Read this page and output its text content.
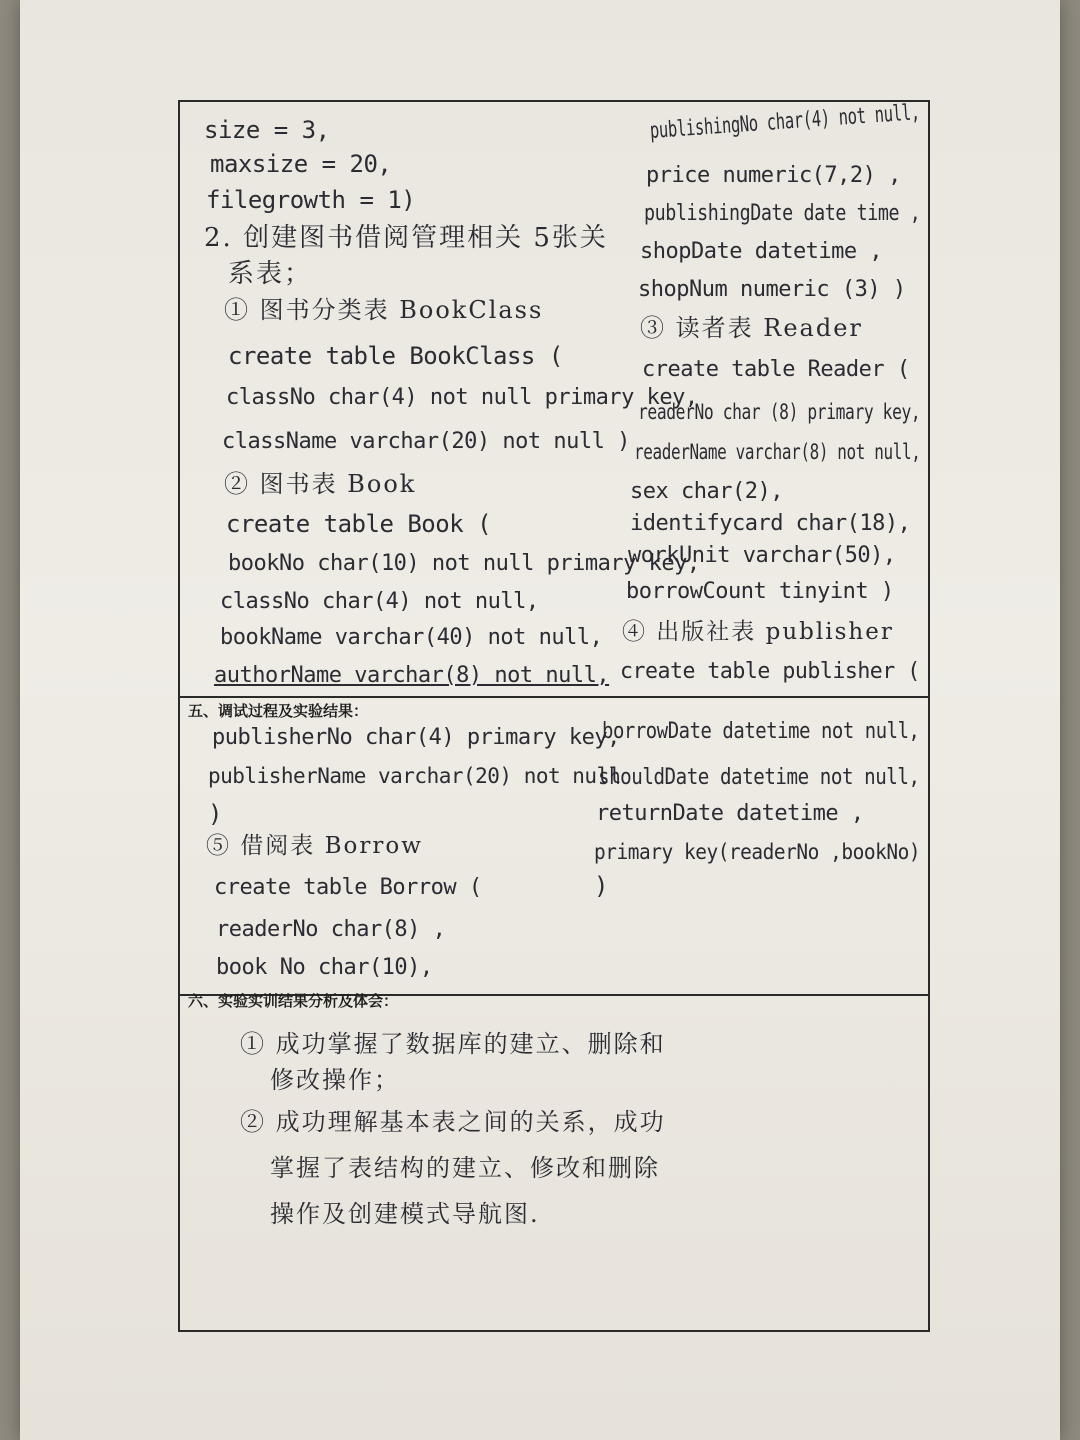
size = 3,
maxsize = 20,
filegrowth = 1)
2. 创建图书借阅管理相关 5张关
系表；
① 图书分类表 BookClass
create table BookClass (
classNo char(4) not null primary key,
className varchar(20) not null )
② 图书表 Book
create table Book (
bookNo char(10) not null primary key,
classNo char(4) not null,
bookName varchar(40) not null,
authorName varchar(8) not null,
publishingNo char(4) not null,
price numeric(7,2) ,
publishingDate date time ,
shopDate datetime ,
shopNum numeric (3) )
③ 读者表 Reader
create table Reader (
readerNo char (8) primary key,
readerName varchar(8) not null,
sex char(2),
identifycard char(18),
workUnit varchar(50),
borrowCount tinyint )
④ 出版社表 publisher
create table publisher (
五、调试过程及实验结果：
publisherNo char(4) primary key,
publisherName varchar(20) not null
)
⑤ 借阅表 Borrow
create table Borrow (
readerNo char(8) ,
book No char(10),
borrowDate datetime not null,
shouldDate datetime not null,
returnDate datetime ,
primary key(readerNo ,bookNo)
)
六、实验实训结果分析及体会：
① 成功掌握了数据库的建立、删除和
修改操作；
② 成功理解基本表之间的关系，成功
掌握了表结构的建立、修改和删除
操作及创建模式导航图.
